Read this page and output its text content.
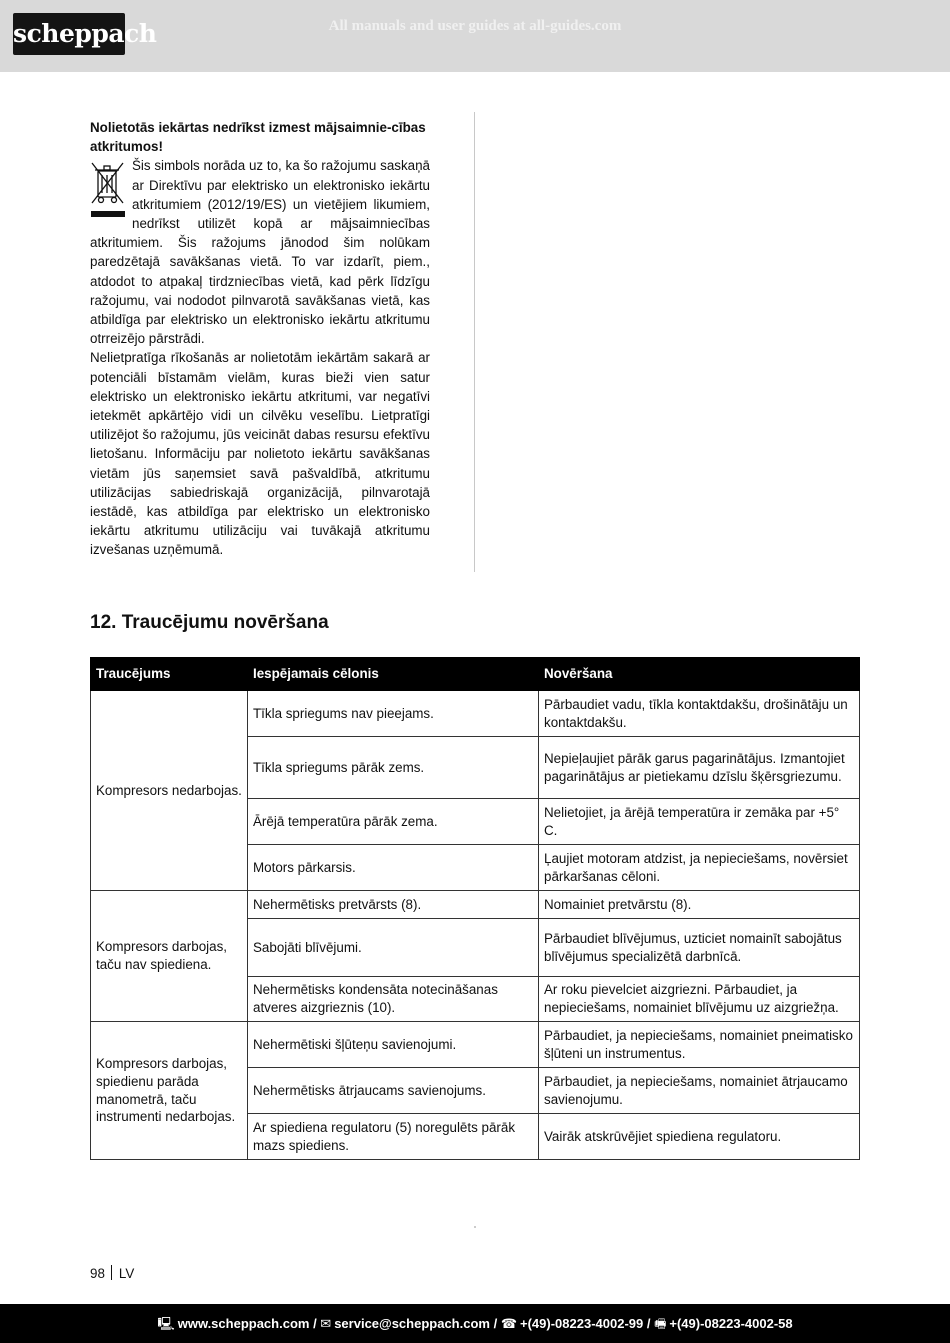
scheppach	All manuals and user guides at all-guides.com

Nolietotās iekārtas nedrīkst izmest mājsaimnie-cības atkritumos!

Šis simbols norāda uz to, ka šo ražojumu saskaņā ar Direktīvu par elektrisko un elektronisko iekārtu atkritumiem (2012/19/ES) un vietējiem likumiem, nedrīkst utilizēt kopā ar mājsaimniecības atkritumiem. Šis ražojums jānodod šim nolūkam paredzētajā savākšanas vietā. To var izdarīt, piem., atdodot to atpakaļ tirdzniecības vietā, kad pērk līdzīgu ražojumu, vai nododot pilnvarotā savākšanas vietā, kas atbildīga par elektrisko un elektronisko iekārtu atkritumu otrreizējo pārstrādi.

Nelietpratīga rīkošanās ar nolietotām iekārtām sakarā ar potenciāli bīstamām vielām, kuras bieži vien satur elektrisko un elektronisko iekārtu atkritumi, var negatīvi ietekmēt apkārtējo vidi un cilvēku veselību. Lietpratīgi utilizējot šo ražojumu, jūs veicināt dabas resursu efektīvu lietošanu. Informāciju par nolietoto iekārtu savākšanas vietām jūs saņemsiet savā pašvaldībā, atkritumu utilizācijas sabiedriskajā organizācijā, pilnvarotajā iestādē, kas atbildīga par elektrisko un elektronisko iekārtu atkritumu utilizāciju vai tuvākajā atkritumu izvešanas uzņēmumā.

12. Traucējumu novēršana
Traucējums	Iespējamais cēlonis	Novēršana
Kompresors nedarbojas.	Tīkla spriegums nav pieejams.	Pārbaudiet vadu, tīkla kontaktdakšu, drošinātāju un kontaktdakšu.
	Tīkla spriegums pārāk zems.	Nepieļaujiet pārāk garus pagarinātājus. Izmantojiet pagarinātājus ar pietiekamu dzīslu šķērsgriezumu.
	Ārējā temperatūra pārāk zema.	Nelietojiet, ja ārējā temperatūra ir zemāka par +5° C.
	Motors pārkarsis.	Ļaujiet motoram atdzist, ja nepieciešams, novērsiet pārkaršanas cēloni.
Kompresors darbojas, taču nav spiediena.	Nehermētisks pretvārsts (8).	Nomainiet pretvārstu (8).
	Sabojāti blīvējumi.	Pārbaudiet blīvējumus, uzticiet nomainīt sabojātus blīvējumus specializētā darbnīcā.
	Nehermētisks kondensāta notecināšanas atveres aizgrieznis (10).	Ar roku pievelciet aizgriezni. Pārbaudiet, ja nepieciešams, nomainiet blīvējumu uz aizgriežņa.
Kompresors darbojas, spiedienu parāda manometrā, taču instrumenti nedarbojas.	Nehermētiski šļūteņu savienojumi.	Pārbaudiet, ja nepieciešams, nomainiet pneimatisko šļūteni un instrumentus.
	Nehermētisks ātrjaucams savienojums.	Pārbaudiet, ja nepieciešams, nomainiet ātrjaucamo savienojumu.
	Ar spiediena regulatoru (5) noregulēts pārāk mazs spiediens.	Vairāk atskrūvējiet spiediena regulatoru.
98 LV
🖳 www.scheppach.com / ✉ service@scheppach.com / ☎ +(49)-08223-4002-99 / 🖷 +(49)-08223-4002-58
